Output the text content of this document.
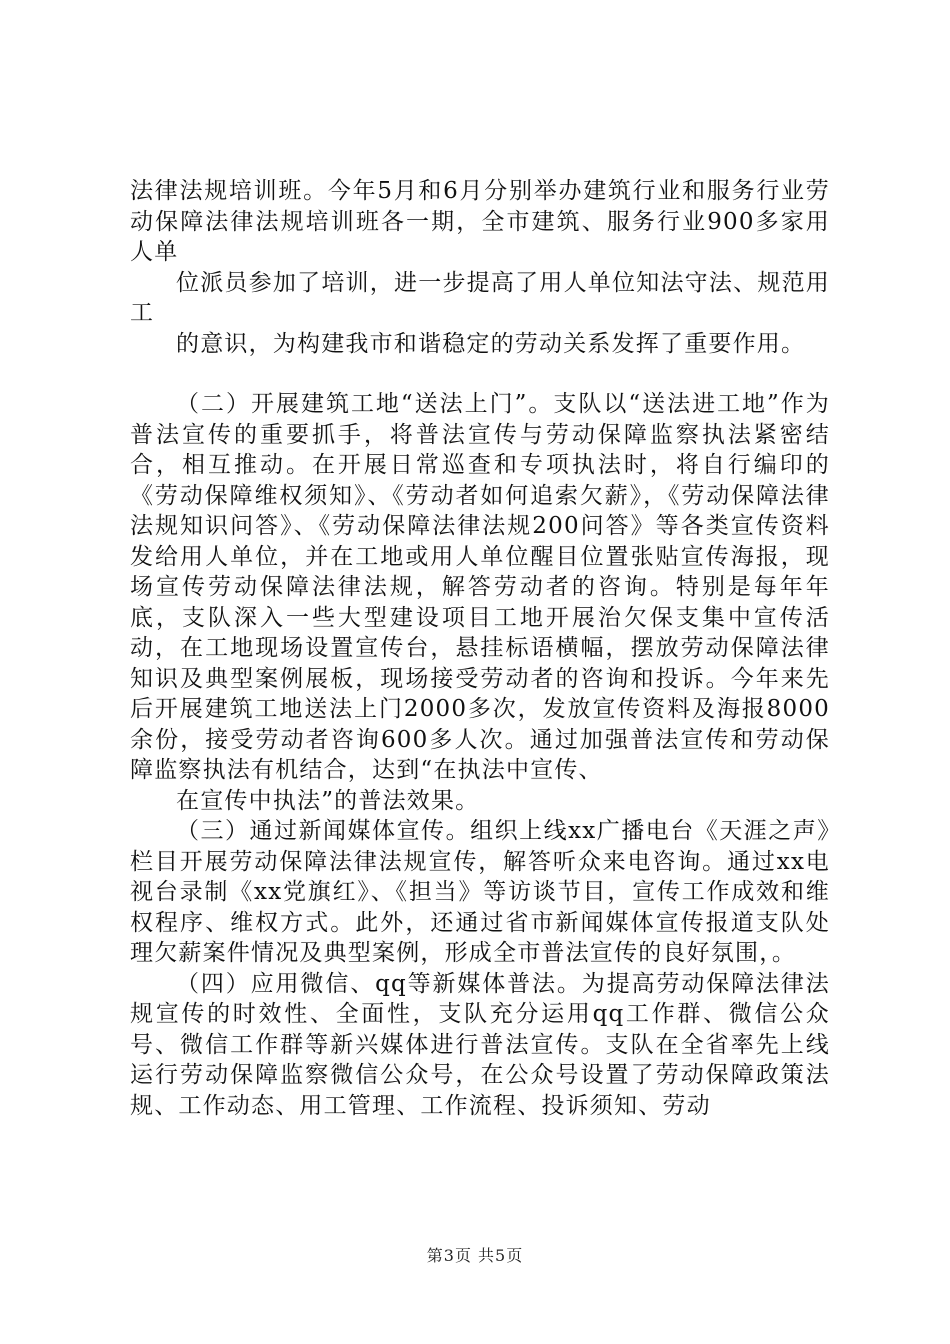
法律法规培训班。今年5月和6月分别举办建筑行业和服务行业劳动保障法律法规培训班各一期，全市建筑、服务行业900多家用人单

位派员参加了培训，进一步提高了用人单位知法守法、规范用工

的意识，为构建我市和谐稳定的劳动关系发挥了重要作用。

（二）开展建筑工地“送法上门”。支队以“送法进工地”作为普法宣传的重要抓手，将普法宣传与劳动保障监察执法紧密结合，相互推动。在开展日常巡查和专项执法时，将自行编印的《劳动保障维权须知》、《劳动者如何追索欠薪》，《劳动保障法律法规知识问答》、《劳动保障法律法规200问答》等各类宣传资料发给用人单位，并在工地或用人单位醒目位置张贴宣传海报，现场宣传劳动保障法律法规，解答劳动者的咨询。特别是每年年底，支队深入一些大型建设项目工地开展治欠保支集中宣传活动，在工地现场设置宣传台，悬挂标语横幅，摆放劳动保障法律知识及典型案例展板，现场接受劳动者的咨询和投诉。今年来先后开展建筑工地送法上门2000多次，发放宣传资料及海报8000余份，接受劳动者咨询600多人次。通过加强普法宣传和劳动保障监察执法有机结合，达到“在执法中宣传、

在宣传中执法”的普法效果。

（三）通过新闻媒体宣传。组织上线xx广播电台《天涯之声》栏目开展劳动保障法律法规宣传，解答听众来电咨询。通过xx电视台录制《xx党旗红》、《担当》等访谈节目，宣传工作成效和维权程序、维权方式。此外，还通过省市新闻媒体宣传报道支队处理欠薪案件情况及典型案例，形成全市普法宣传的良好氛围，。

（四）应用微信、qq等新媒体普法。为提高劳动保障法律法规宣传的时效性、全面性，支队充分运用qq工作群、微信公众号、微信工作群等新兴媒体进行普法宣传。支队在全省率先上线运行劳动保障监察微信公众号，在公众号设置了劳动保障政策法规、工作动态、用工管理、工作流程、投诉须知、劳动

第3页 共5页
